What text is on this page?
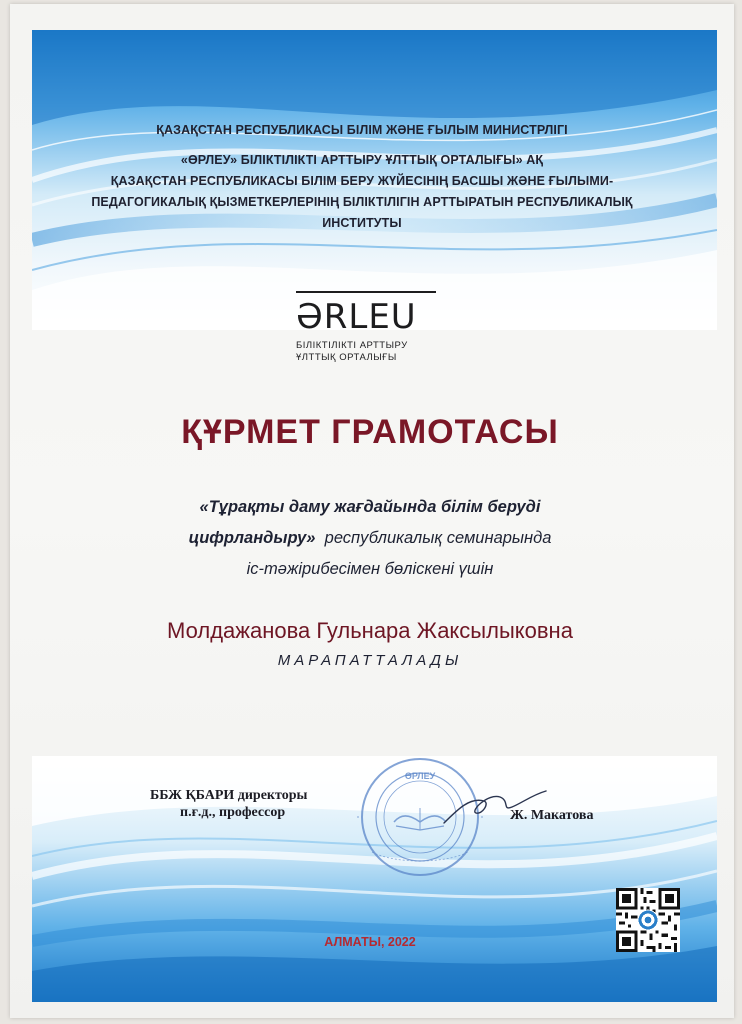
ӨРЛЕУ
ҚАЗАҚСТАН РЕСПУБЛИКАСЫ БІЛІМ ЖӘНЕ ҒЫЛЫМ МИНИСТРЛІГІ
«ӨРЛЕУ» БІЛІКТІЛІКТІ АРТТЫРУ ҰЛТТЫҚ ОРТАЛЫҒЫ» АҚ
ҚАЗАҚСТАН РЕСПУБЛИКАСЫ БІЛІМ БЕРУ ЖҮЙЕСІНІҢ БАСШЫ ЖӘНЕ ҒЫЛЫМИ-
ПЕДАГОГИКАЛЫҚ ҚЫЗМЕТКЕРЛЕРІНІҢ БІЛІКТІЛІГІН АРТТЫРАТЫН РЕСПУБЛИКАЛЫҚ
ИНСТИТУТЫ
ƏRLEU
БІЛІКТІЛІКТІ АРТТЫРУ
ҰЛТТЫҚ ОРТАЛЫҒЫ
ҚҰРМЕТ ГРАМОТАСЫ
«Тұрақты даму жағдайында білім беруді
цифрландыру» республикалық семинарында
іс-тәжірибесімен бөлiскенi үшiн
Молдажанова Гульнара Жаксылыковна
МАРАПАТТАЛАДЫ
ББЖ ҚБАРИ директоры
п.ғ.д., профессор	Ж. Макатова
АЛМАТЫ, 2022
